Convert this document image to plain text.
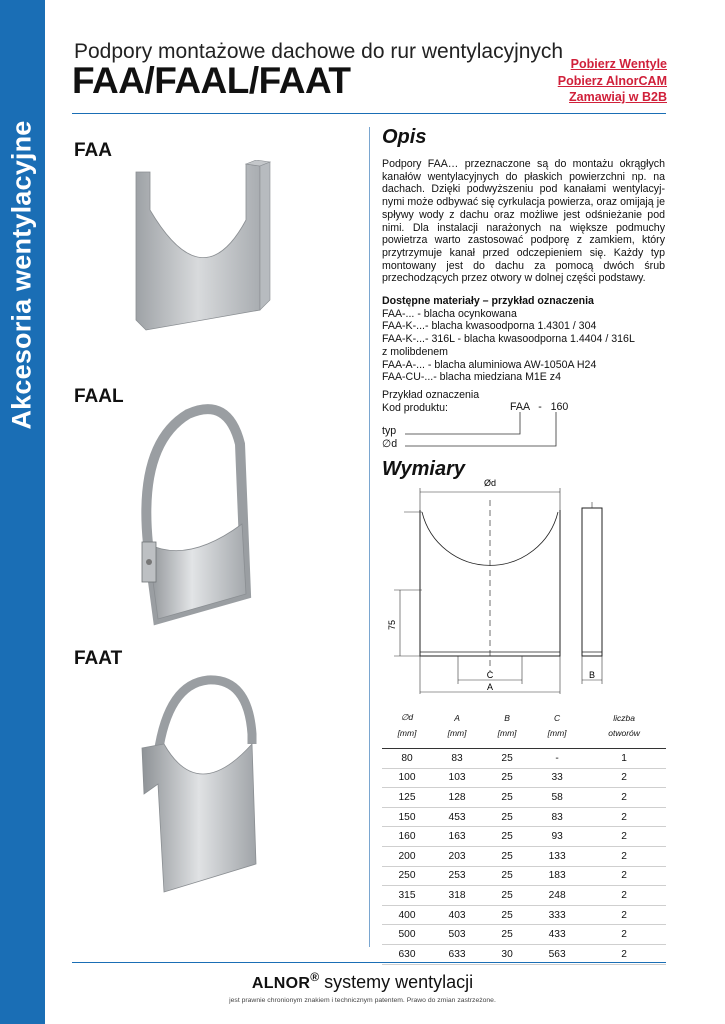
Akcesoria wentylacyjne
Podpory montażowe dachowe do rur wentylacyjnych
FAA/FAAL/FAAT	Pobierz Wentyle
Pobierz AlnorCAM
Zamawiaj w B2B
FAA
FAAL
FAAT
Opis
Podpory FAA… przeznaczone są do montażu okrągłych kanałów wentylacyjnych do płaskich powierzchni np. na dachach. Dzięki podwyższeniu pod kanałami wentylacyj-nymi może odbywać się cyrkulacja powierza, oraz omijają je spływy wody z dachu oraz możliwe jest odśnieżanie pod nimi. Dla instalacji narażonych na większe podmuchy powietrza warto zastosować podporę z zamkiem, który przytrzymuje kanał przed odczepieniem się. Każdy typ montowany jest do dachu za pomocą dwóch śrub przechodzących przez otwory w dolnej części podstawy.
Dostępne materiały – przykład oznaczenia
FAA-... - blacha ocynkowana
FAA-K-...- blacha kwasoodporna 1.4301 / 304
FAA-K-...- 316L - blacha kwasoodporna 1.4404 / 316L
z molibdenem
FAA-A-... - blacha aluminiowa AW-1050A H24
FAA-CU-...- blacha miedziana M1E z4
Przykład oznaczenia
Kod produktu:	FAA   -   160
typ
∅d
Wymiary
Ød
75
B
C
A
∅d	A	B	C	liczba
[mm]	[mm]	[mm]	[mm]	otworów

80	83	25	-	1
100	103	25	33	2
125	128	25	58	2
150	453	25	83	2
160	163	25	93	2
200	203	25	133	2
250	253	25	183	2
315	318	25	248	2
400	403	25	333	2
500	503	25	433	2
630	633	30	563	2
ALNOR® systemy wentylacji
jest prawnie chronionym znakiem i technicznym patentem. Prawo do zmian zastrzeżone.
